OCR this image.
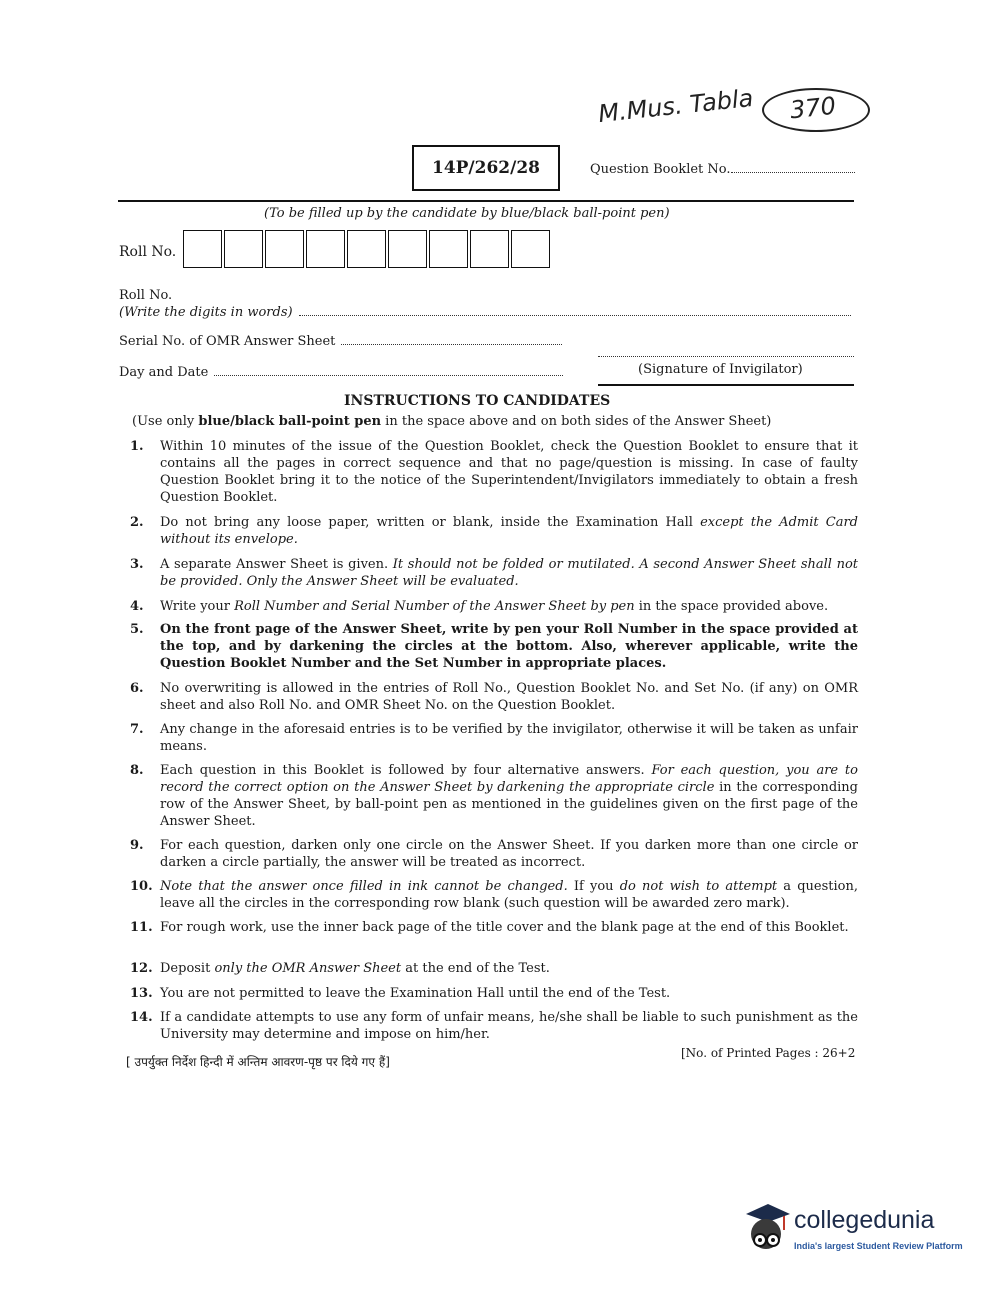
M.Mus. Tabla 370
14P/262/28	Question Booklet No.
(To be filled up by the candidate by blue/black ball-point pen)
Roll No.
Roll No.
(Write the digits in words)
Serial No. of OMR Answer Sheet
(Signature of Invigilator)
Day and Date
INSTRUCTIONS TO CANDIDATES
(Use only blue/black ball-point pen in the space above and on both sides of the Answer Sheet)
1. Within 10 minutes of the issue of the Question Booklet, check the Question Booklet to ensure that it contains all the pages in correct sequence and that no page/question is missing. In case of faulty Question Booklet bring it to the notice of the Superintendent/Invigilators immediately to obtain a fresh Question Booklet.
2. Do not bring any loose paper, written or blank, inside the Examination Hall except the Admit Card without its envelope.
3. A separate Answer Sheet is given. It should not be folded or mutilated. A second Answer Sheet shall not be provided. Only the Answer Sheet will be evaluated.
4. Write your Roll Number and Serial Number of the Answer Sheet by pen in the space provided above.
5. On the front page of the Answer Sheet, write by pen your Roll Number in the space provided at the top, and by darkening the circles at the bottom. Also, wherever applicable, write the Question Booklet Number and the Set Number in appropriate places.
6. No overwriting is allowed in the entries of Roll No., Question Booklet No. and Set No. (if any) on OMR sheet and also Roll No. and OMR Sheet No. on the Question Booklet.
7. Any change in the aforesaid entries is to be verified by the invigilator, otherwise it will be taken as unfair means.
8. Each question in this Booklet is followed by four alternative answers. For each question, you are to record the correct option on the Answer Sheet by darkening the appropriate circle in the corresponding row of the Answer Sheet, by ball-point pen as mentioned in the guidelines given on the first page of the Answer Sheet.
9. For each question, darken only one circle on the Answer Sheet. If you darken more than one circle or darken a circle partially, the answer will be treated as incorrect.
10. Note that the answer once filled in ink cannot be changed. If you do not wish to attempt a question, leave all the circles in the corresponding row blank (such question will be awarded zero mark).
11. For rough work, use the inner back page of the title cover and the blank page at the end of this Booklet.
12. Deposit only the OMR Answer Sheet at the end of the Test.
13. You are not permitted to leave the Examination Hall until the end of the Test.
14. If a candidate attempts to use any form of unfair means, he/she shall be liable to such punishment as the University may determine and impose on him/her.
[ उपर्युक्त निर्देश हिन्दी में अन्तिम आवरण-पृष्ठ पर दिये गए हैं]
[No. of Printed Pages : 26+2
collegedunia
India's largest Student Review Platform
